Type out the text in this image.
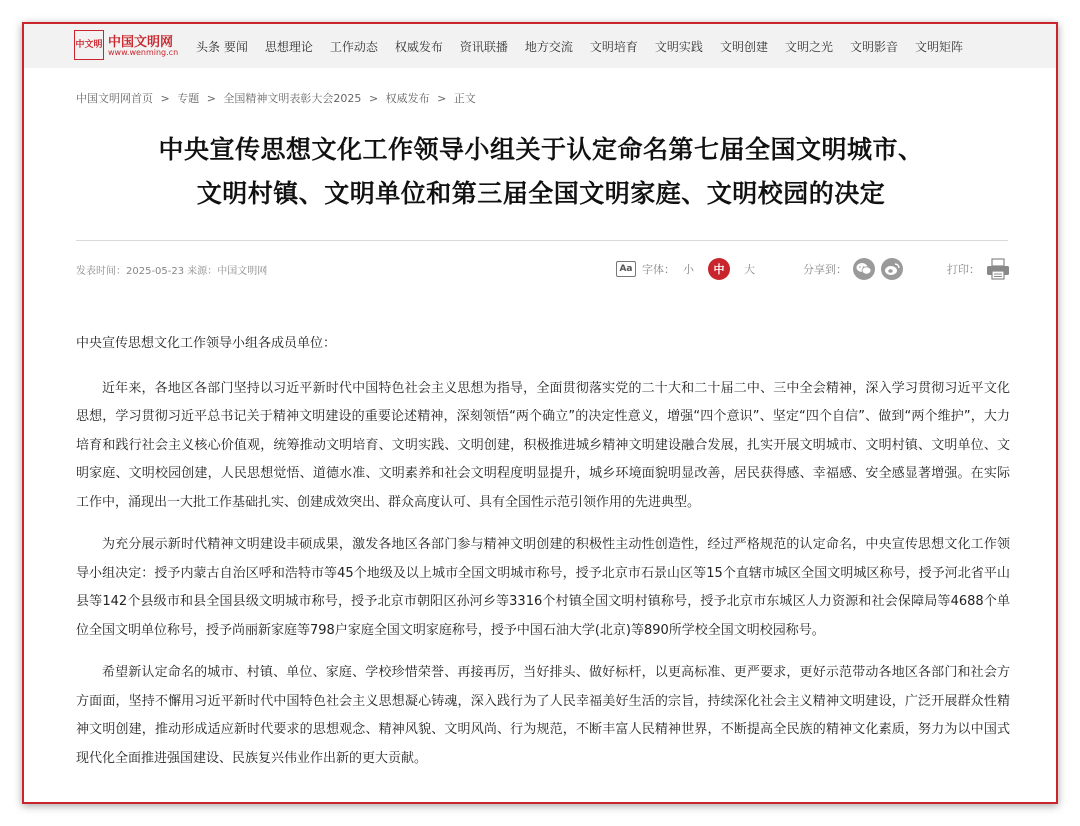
中文明 中国文明网
www.wenming.cn 头条 要闻 思想理论 工作动态 权威发布 资讯联播 地方交流 文明培育 文明实践 文明创建 文明之光 文明影音 文明矩阵
中国文明网首页 > 专题 > 全国精神文明表彰大会2025 > 权威发布 > 正文
中央宣传思想文化工作领导小组关于认定命名第七届全国文明城市、
文明村镇、文明单位和第三届全国文明家庭、文明校园的决定
发表时间：2025-05-23 来源：中国文明网	Aa 字体： 小	中	大	分享到：	打印：

中央宣传思想文化工作领导小组各成员单位：

近年来，各地区各部门坚持以习近平新时代中国特色社会主义思想为指导，全面贯彻落实党的二十大和二十届二中、三中全会精神，深入学习贯彻习近平文化思想，学习贯彻习近平总书记关于精神文明建设的重要论述精神，深刻领悟“两个确立”的决定性意义，增强“四个意识”、坚定“四个自信”、做到“两个维护”，大力培育和践行社会主义核心价值观，统筹推动文明培育、文明实践、文明创建，积极推进城乡精神文明建设融合发展，扎实开展文明城市、文明村镇、文明单位、文明家庭、文明校园创建，人民思想觉悟、道德水准、文明素养和社会文明程度明显提升，城乡环境面貌明显改善，居民获得感、幸福感、安全感显著增强。在实际工作中，涌现出一大批工作基础扎实、创建成效突出、群众高度认可、具有全国性示范引领作用的先进典型。

为充分展示新时代精神文明建设丰硕成果，激发各地区各部门参与精神文明创建的积极性主动性创造性，经过严格规范的认定命名，中央宣传思想文化工作领导小组决定：授予内蒙古自治区呼和浩特市等45个地级及以上城市全国文明城市称号，授予北京市石景山区等15个直辖市城区全国文明城区称号，授予河北省平山县等142个县级市和县全国县级文明城市称号，授予北京市朝阳区孙河乡等3316个村镇全国文明村镇称号，授予北京市东城区人力资源和社会保障局等4688个单位全国文明单位称号，授予尚丽新家庭等798户家庭全国文明家庭称号，授予中国石油大学(北京)等890所学校全国文明校园称号。

希望新认定命名的城市、村镇、单位、家庭、学校珍惜荣誉、再接再厉，当好排头、做好标杆，以更高标准、更严要求，更好示范带动各地区各部门和社会方方面面，坚持不懈用习近平新时代中国特色社会主义思想凝心铸魂，深入践行为了人民幸福美好生活的宗旨，持续深化社会主义精神文明建设，广泛开展群众性精神文明创建，推动形成适应新时代要求的思想观念、精神风貌、文明风尚、行为规范，不断丰富人民精神世界，不断提高全民族的精神文化素质，努力为以中国式现代化全面推进强国建设、民族复兴伟业作出新的更大贡献。
